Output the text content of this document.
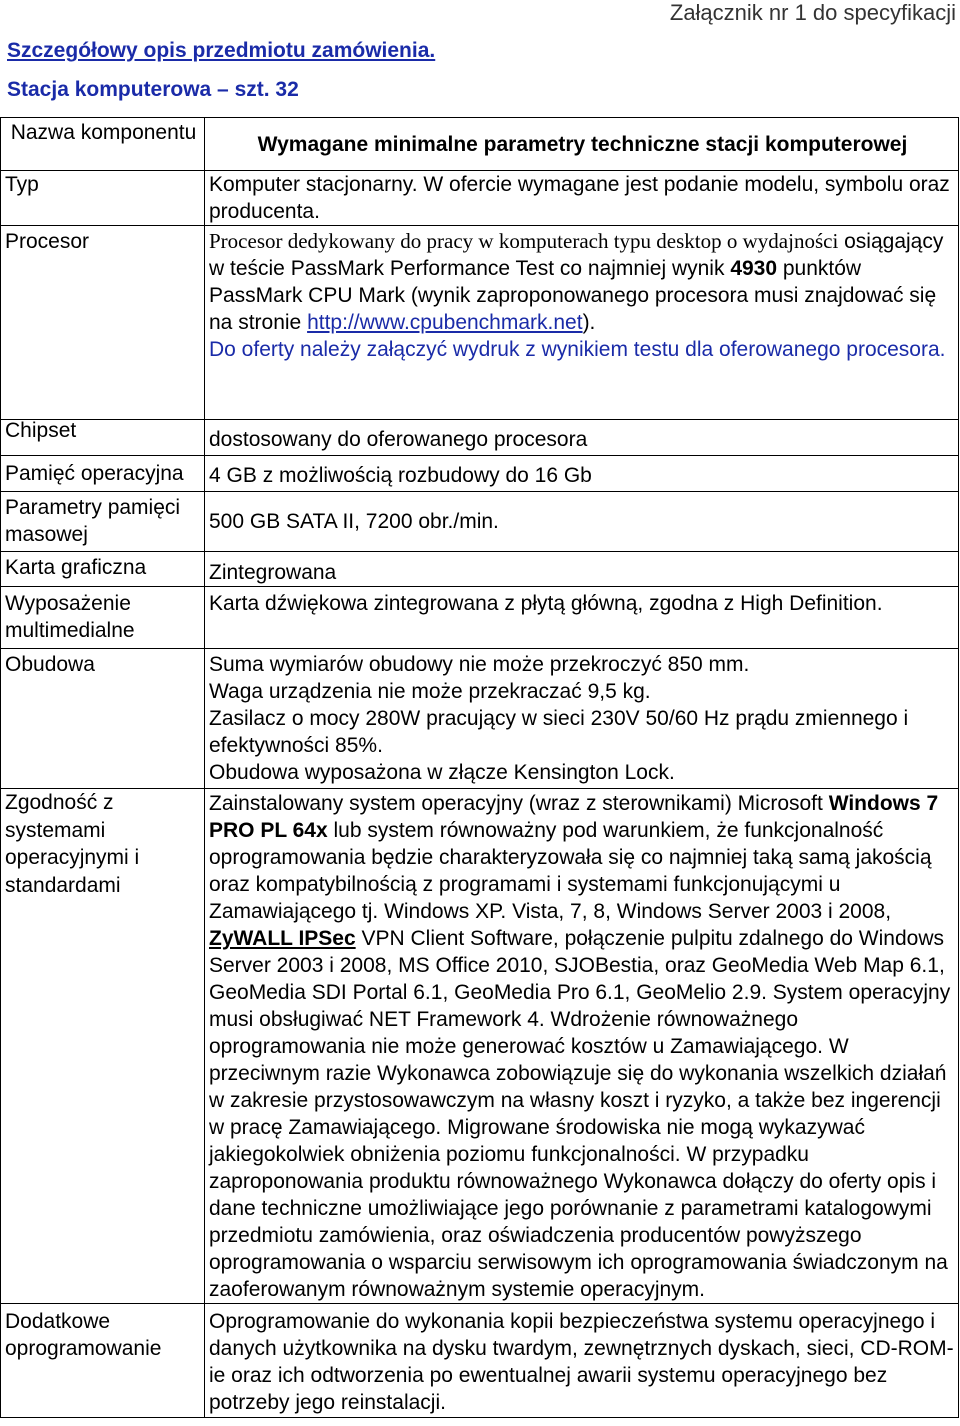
Załącznik nr 1 do specyfikacji
Szczegółowy opis przedmiotu zamówienia.
Stacja komputerowa – szt. 32
Nazwa komponentu	Wymagane minimalne parametry techniczne stacji komputerowej
Typ	Komputer stacjonarny. W ofercie wymagane jest podanie modelu, symbolu oraz producenta.
Procesor	Procesor dedykowany do pracy w komputerach typu desktop o wydajności osiągający w teście PassMark Performance Test co najmniej wynik 4930 punktów PassMark CPU Mark (wynik zaproponowanego procesora musi znajdować się na stronie http://www.cpubenchmark.net).
Do oferty należy załączyć wydruk z wynikiem testu dla oferowanego procesora.
Chipset	dostosowany do oferowanego procesora
Pamięć operacyjna	4 GB z możliwością rozbudowy do 16 Gb
Parametry pamięci masowej	500 GB SATA II, 7200 obr./min.
Karta graficzna	Zintegrowana
Wyposażenie multimedialne	Karta dźwiękowa zintegrowana z płytą główną, zgodna z High Definition.
Obudowa	Suma wymiarów obudowy nie może przekroczyć 850 mm.
Waga urządzenia nie może przekraczać 9,5 kg.
Zasilacz o mocy 280W pracujący w sieci 230V 50/60 Hz prądu zmiennego i efektywności 85%.
Obudowa wyposażona w złącze Kensington Lock.

Zgodność z systemami operacyjnymi i standardami	Zainstalowany system operacyjny (wraz z sterownikami) Microsoft Windows 7 PRO PL 64x lub system równoważny pod warunkiem, że funkcjonalność oprogramowania będzie charakteryzowała się co najmniej taką samą jakością oraz kompatybilnością z programami i systemami funkcjonującymi u Zamawiającego tj. Windows XP. Vista, 7, 8, Windows Server 2003 i 2008, ZyWALL IPSec VPN Client Software, połączenie pulpitu zdalnego do Windows Server 2003 i 2008, MS Office 2010, SJOBestia, oraz GeoMedia Web Map 6.1, GeoMedia SDI Portal 6.1, GeoMedia Pro 6.1, GeoMelio 2.9. System operacyjny musi obsługiwać NET Framework 4. Wdrożenie równoważnego oprogramowania nie może generować kosztów u Zamawiającego. W przeciwnym razie Wykonawca zobowiązuje się do wykonania wszelkich działań w zakresie przystosowawczym na własny koszt i ryzyko, a także bez ingerencji w pracę Zamawiającego. Migrowane środowiska nie mogą wykazywać jakiegokolwiek obniżenia poziomu funkcjonalności. W przypadku zaproponowania produktu równoważnego Wykonawca dołączy do oferty opis i dane techniczne umożliwiające jego porównanie z parametrami katalogowymi przedmiotu zamówienia, oraz oświadczenia producentów powyższego oprogramowania o wsparciu serwisowym ich oprogramowania świadczonym na zaoferowanym równoważnym systemie operacyjnym.
Dodatkowe oprogramowanie	Oprogramowanie do wykonania kopii bezpieczeństwa systemu operacyjnego i danych użytkownika na dysku twardym, zewnętrznych dyskach, sieci, CD-ROM-ie oraz ich odtworzenia po ewentualnej awarii systemu operacyjnego bez potrzeby jego reinstalacji.
